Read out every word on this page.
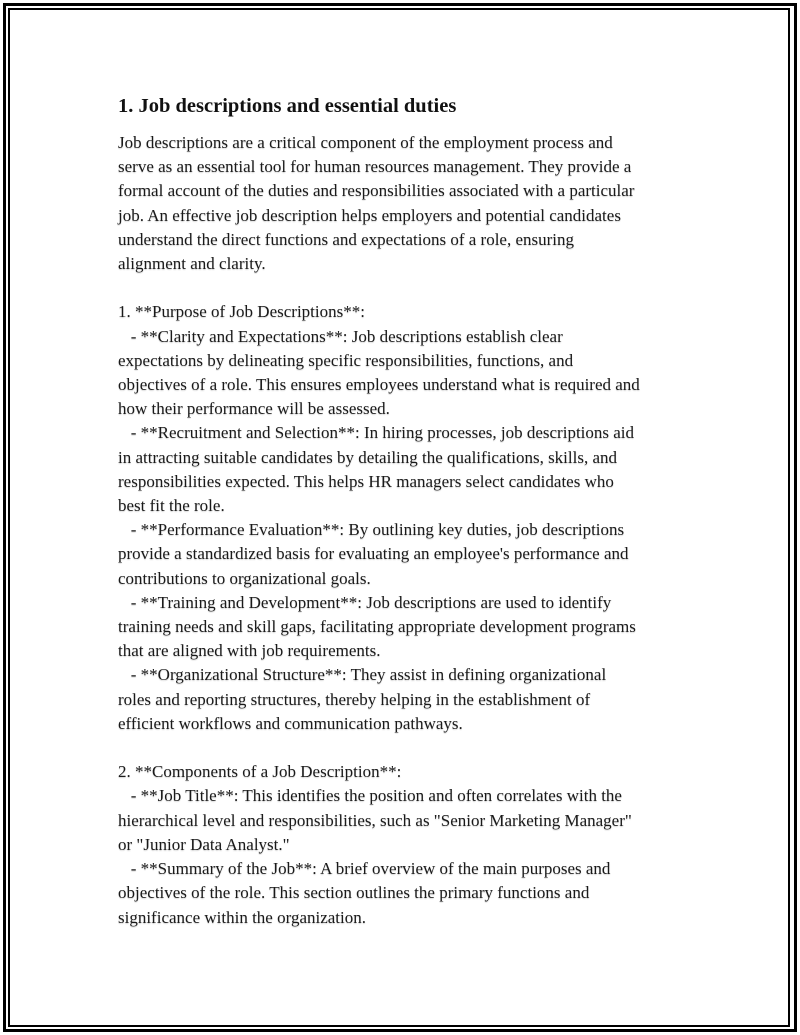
1. Job descriptions and essential duties

Job descriptions are a critical component of the employment process and
serve as an essential tool for human resources management. They provide a
formal account of the duties and responsibilities associated with a particular
job. An effective job description helps employers and potential candidates
understand the direct functions and expectations of a role, ensuring
alignment and clarity.

1. **Purpose of Job Descriptions**:
- **Clarity and Expectations**: Job descriptions establish clear
expectations by delineating specific responsibilities, functions, and
objectives of a role. This ensures employees understand what is required and
how their performance will be assessed.
- **Recruitment and Selection**: In hiring processes, job descriptions aid
in attracting suitable candidates by detailing the qualifications, skills, and
responsibilities expected. This helps HR managers select candidates who
best fit the role.
- **Performance Evaluation**: By outlining key duties, job descriptions
provide a standardized basis for evaluating an employee's performance and
contributions to organizational goals.
- **Training and Development**: Job descriptions are used to identify
training needs and skill gaps, facilitating appropriate development programs
that are aligned with job requirements.
- **Organizational Structure**: They assist in defining organizational
roles and reporting structures, thereby helping in the establishment of
efficient workflows and communication pathways.

2. **Components of a Job Description**:
- **Job Title**: This identifies the position and often correlates with the
hierarchical level and responsibilities, such as "Senior Marketing Manager"
or "Junior Data Analyst."
- **Summary of the Job**: A brief overview of the main purposes and
objectives of the role. This section outlines the primary functions and
significance within the organization.
